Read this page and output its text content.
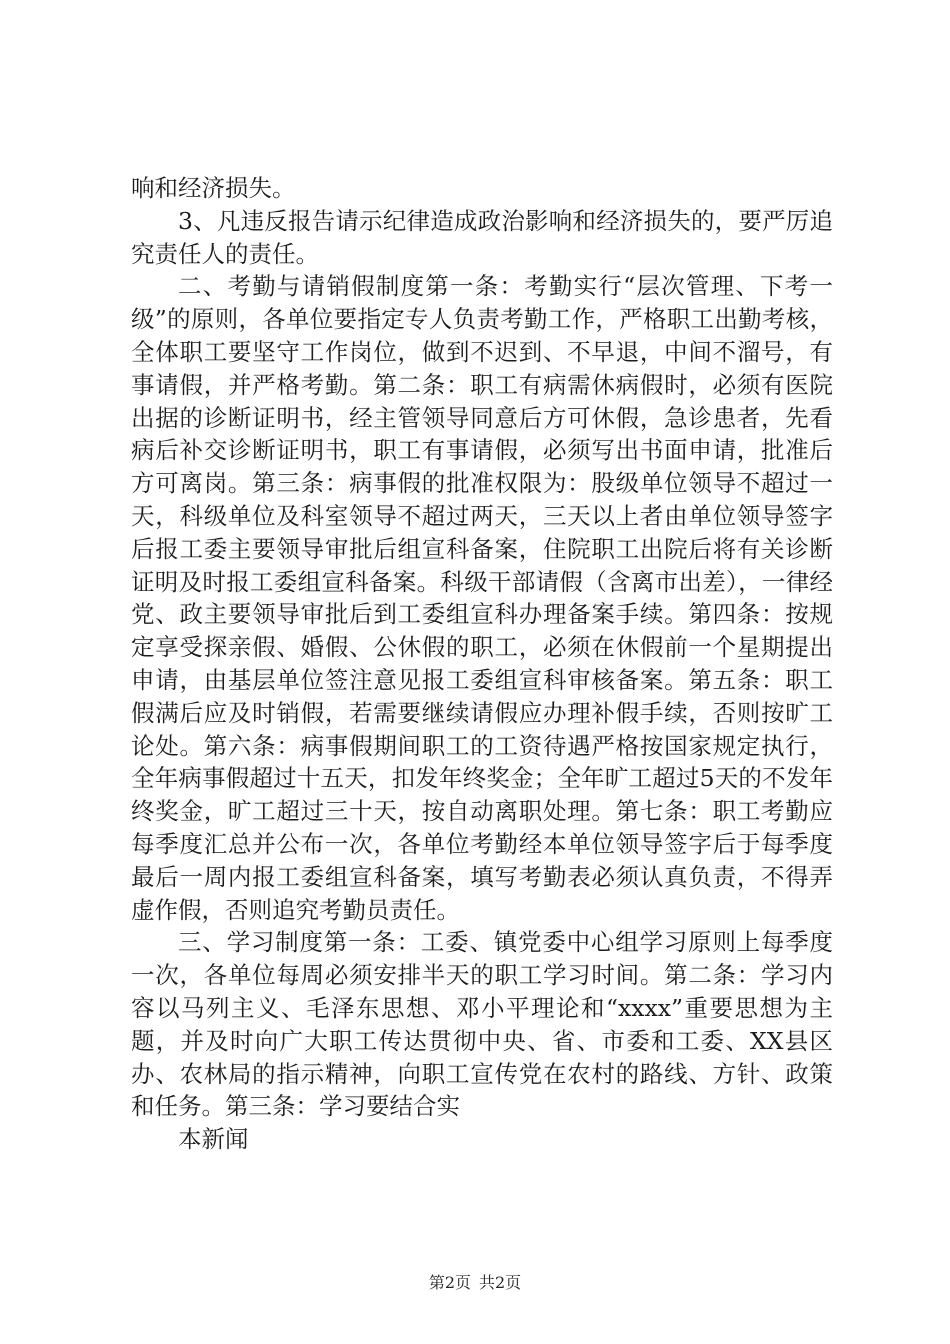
响和经济损失。

3、凡违反报告请示纪律造成政治影响和经济损失的，要严厉追究责任人的责任。

二、考勤与请销假制度第一条：考勤实行“层次管理、下考一级”的原则，各单位要指定专人负责考勤工作，严格职工出勤考核，全体职工要坚守工作岗位，做到不迟到、不早退，中间不溜号，有事请假，并严格考勤。第二条：职工有病需休病假时，必须有医院出据的诊断证明书，经主管领导同意后方可休假，急诊患者，先看病后补交诊断证明书，职工有事请假，必须写出书面申请，批准后方可离岗。第三条：病事假的批准权限为：股级单位领导不超过一天，科级单位及科室领导不超过两天，三天以上者由单位领导签字后报工委主要领导审批后组宣科备案，住院职工出院后将有关诊断证明及时报工委组宣科备案。科级干部请假（含离市出差），一律经党、政主要领导审批后到工委组宣科办理备案手续。第四条：按规定享受探亲假、婚假、公休假的职工，必须在休假前一个星期提出申请，由基层单位签注意见报工委组宣科审核备案。第五条：职工假满后应及时销假，若需要继续请假应办理补假手续，否则按旷工论处。第六条：病事假期间职工的工资待遇严格按国家规定执行，全年病事假超过十五天，扣发年终奖金；全年旷工超过5天的不发年终奖金，旷工超过三十天，按自动离职处理。第七条：职工考勤应每季度汇总并公布一次，各单位考勤经本单位领导签字后于每季度最后一周内报工委组宣科备案，填写考勤表必须认真负责，不得弄虚作假，否则追究考勤员责任。

三、学习制度第一条：工委、镇党委中心组学习原则上每季度一次，各单位每周必须安排半天的职工学习时间。第二条：学习内容以马列主义、毛泽东思想、邓小平理论和“xxxx”重要思想为主题，并及时向广大职工传达贯彻中央、省、市委和工委、XX县区办、农林局的指示精神，向职工宣传党在农村的路线、方针、政策和任务。第三条：学习要结合实

本新闻

第2页 共2页
